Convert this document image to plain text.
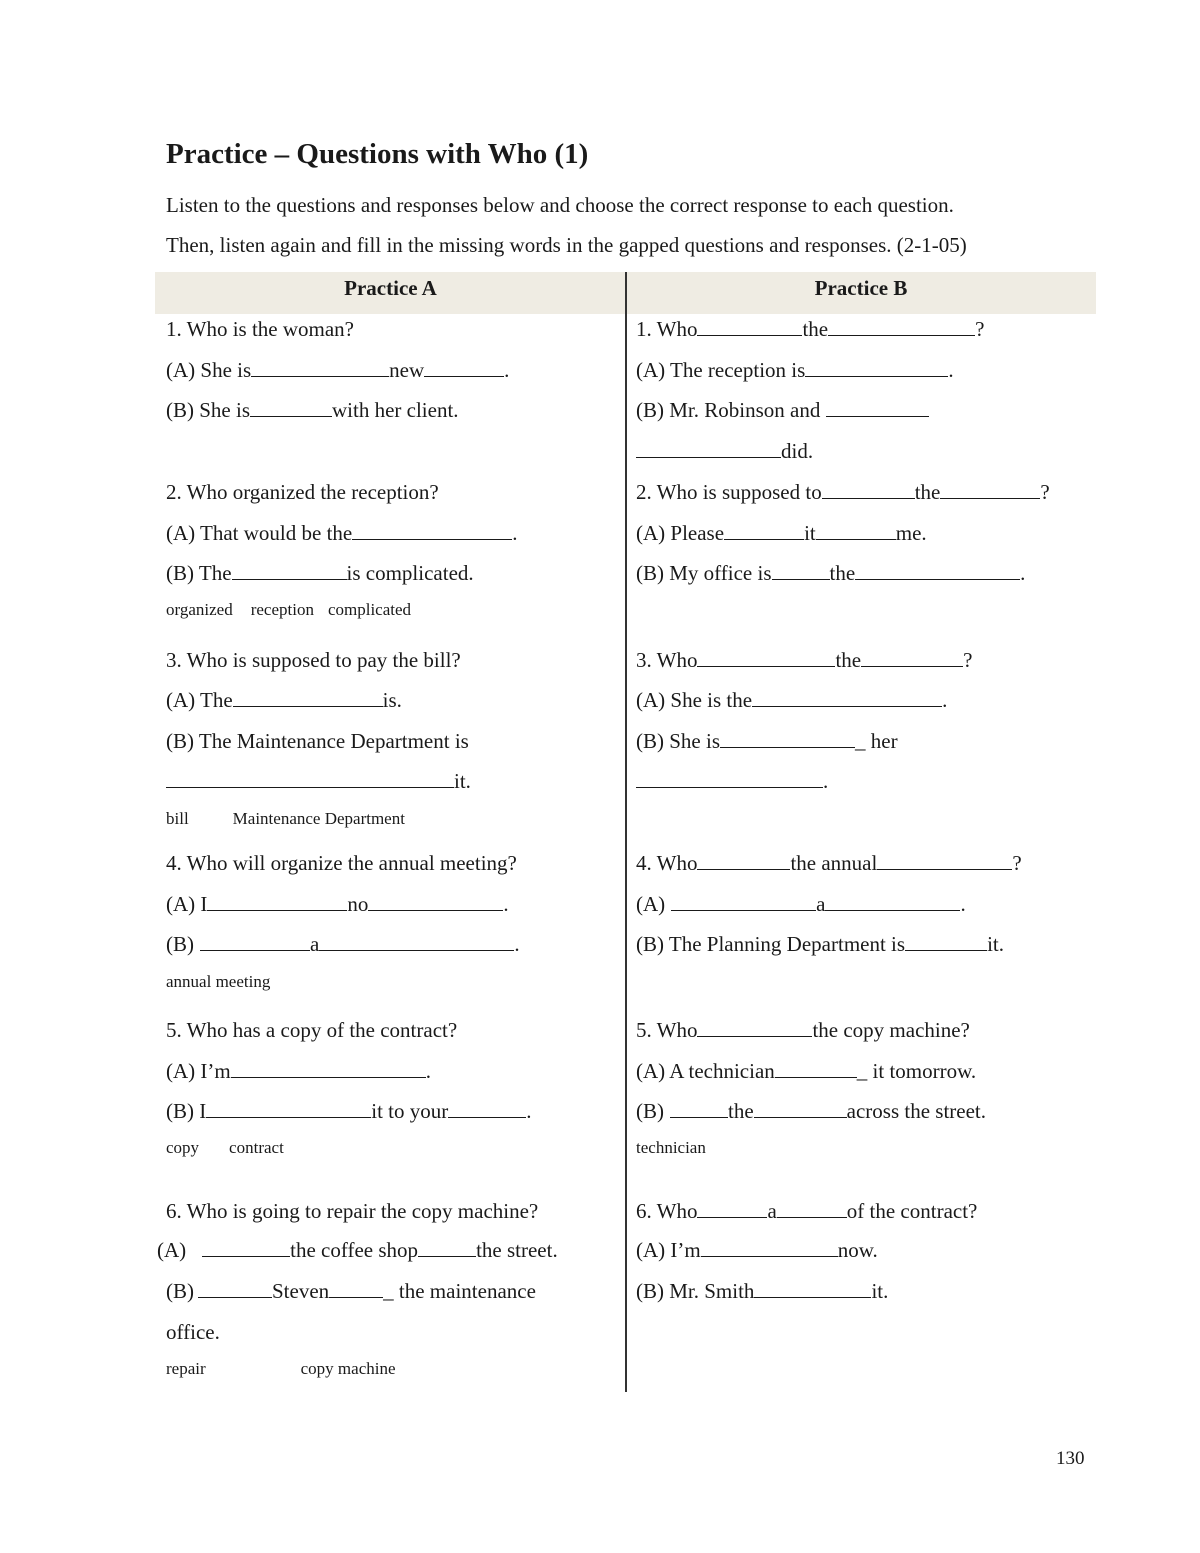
Practice – Questions with Who (1)
Listen to the questions and responses below and choose the correct response to each question.
Then, listen again and fill in the missing words in the gapped questions and responses. (2-1-05)
Practice A	Practice B
1. Who is the woman?
(A) She is	new	.
(B) She is	with her client.
2. Who organized the reception?
(A) That would be the	.
(B) The	is complicated.
organized reception complicated
3. Who is supposed to pay the bill?
(A) The	is.
(B) The Maintenance Department is
it.
bill	Maintenance Department
4. Who will organize the annual meeting?
(A) I	no	.
(B)	a	.
annual meeting
5. Who has a copy of the contract?
(A) I’m	.
(B) I	it to your	.
copy contract
6. Who is going to repair the copy machine?
(A)	the coffee shop	the street.
(B)	Steven	_ the maintenance
office.
repair	copy machine
1. Who	the	?
(A) The reception is	.
(B) Mr. Robinson and
did.
2. Who is supposed to	the	?
(A) Please	it	me.
(B) My office is	the	.
3. Who	the	?
(A) She is the	.
(B) She is	_ her
.
4. Who	the annual	?
(A)	a	.
(B) The Planning Department is	it.
5. Who	the copy machine?
(A) A technician	_ it tomorrow.
(B)	the	across the street.
technician
6. Who	a	of the contract?
(A) I’m	now.
(B) Mr. Smith	it.
130
